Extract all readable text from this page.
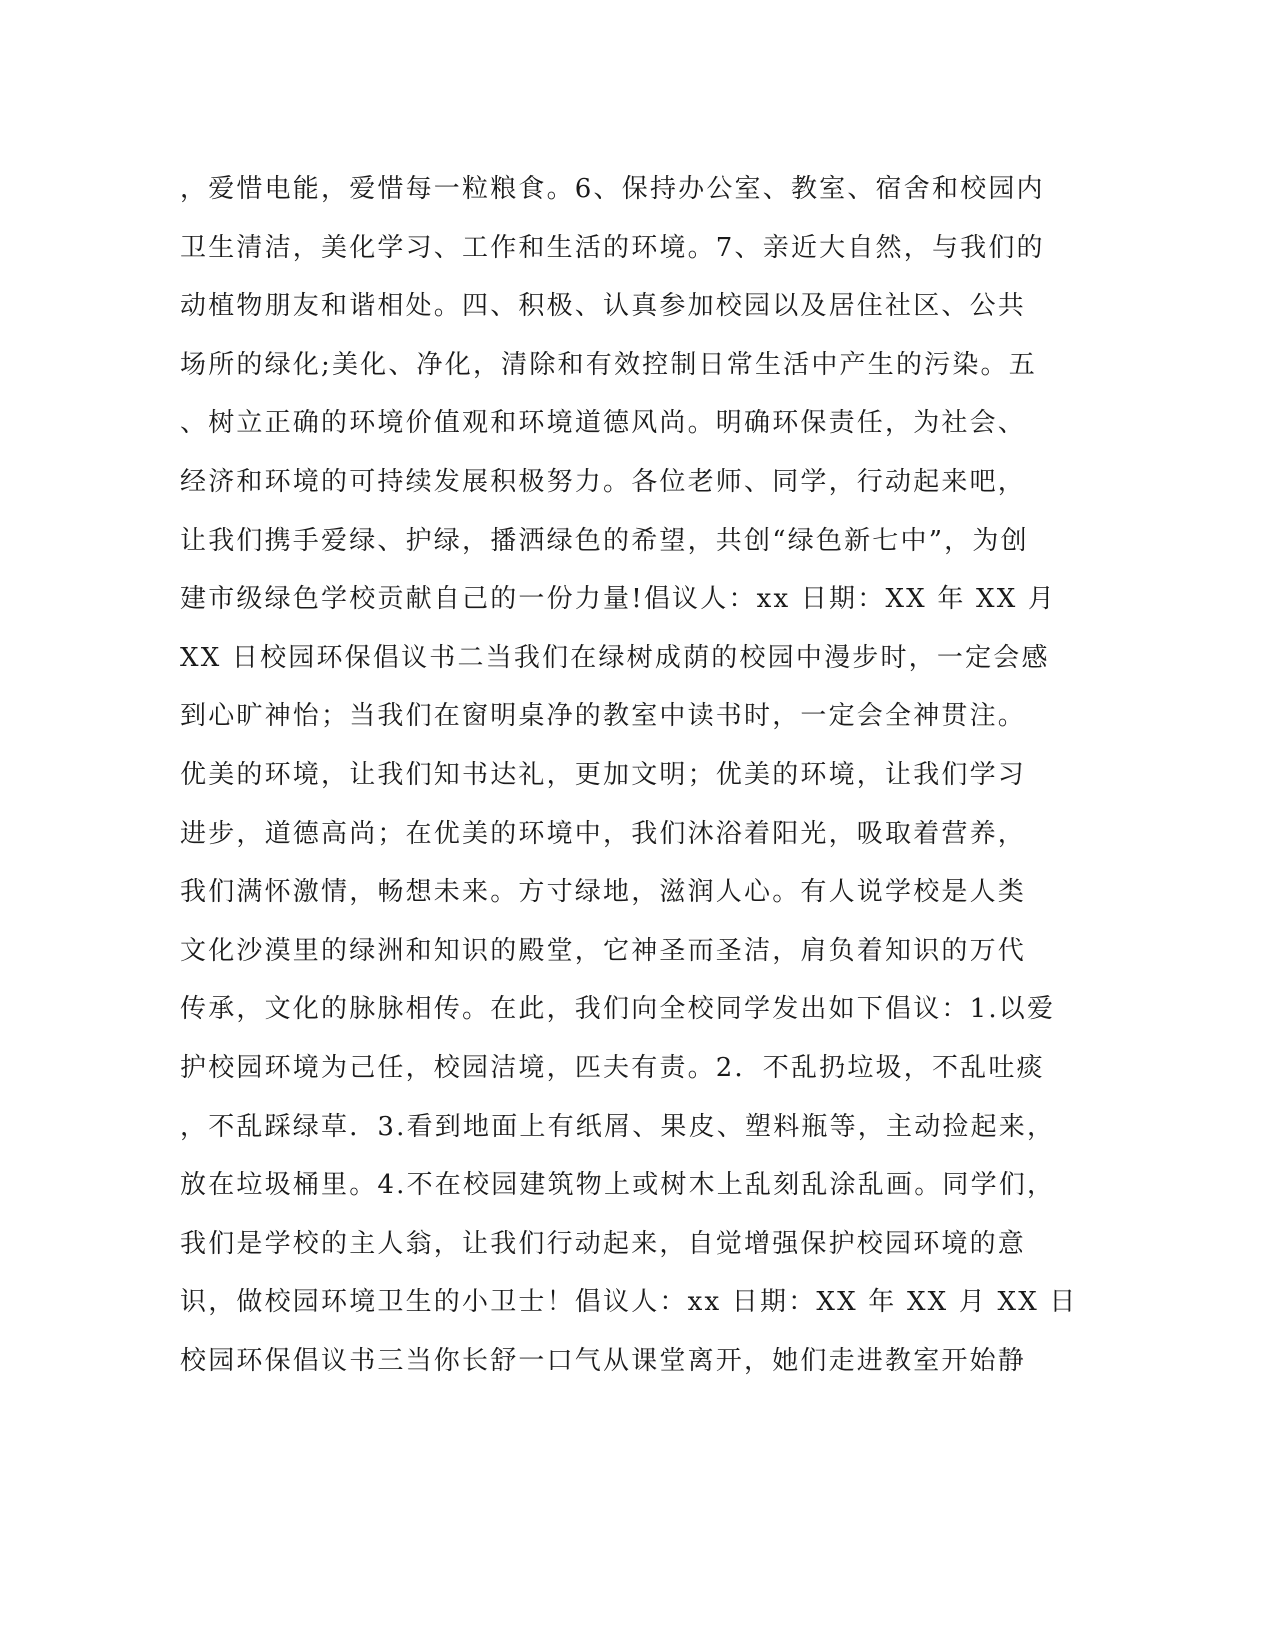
，爱惜电能，爱惜每一粒粮食。6、保持办公室、教室、宿舍和校园内
卫生清洁，美化学习、工作和生活的环境。7、亲近大自然，与我们的
动植物朋友和谐相处。四、积极、认真参加校园以及居住社区、公共
场所的绿化;美化、净化，清除和有效控制日常生活中产生的污染。五
、树立正确的环境价值观和环境道德风尚。明确环保责任，为社会、
经济和环境的可持续发展积极努力。各位老师、同学，行动起来吧，
让我们携手爱绿、护绿，播洒绿色的希望，共创“绿色新七中”，为创
建市级绿色学校贡献自己的一份力量!倡议人：xx 日期：XX 年 XX 月
XX 日校园环保倡议书二当我们在绿树成荫的校园中漫步时，一定会感
到心旷神怡；当我们在窗明桌净的教室中读书时，一定会全神贯注。
优美的环境，让我们知书达礼，更加文明；优美的环境，让我们学习
进步，道德高尚；在优美的环境中，我们沐浴着阳光，吸取着营养，
我们满怀激情，畅想未来。方寸绿地，滋润人心。有人说学校是人类
文化沙漠里的绿洲和知识的殿堂，它神圣而圣洁，肩负着知识的万代
传承，文化的脉脉相传。在此，我们向全校同学发出如下倡议：1.以爱
护校园环境为己任，校园洁境，匹夫有责。2．不乱扔垃圾，不乱吐痰
，不乱踩绿草．3.看到地面上有纸屑、果皮、塑料瓶等，主动捡起来，
放在垃圾桶里。4.不在校园建筑物上或树木上乱刻乱涂乱画。同学们，
我们是学校的主人翁，让我们行动起来，自觉增强保护校园环境的意
识，做校园环境卫生的小卫士！倡议人：xx 日期：XX 年 XX 月 XX 日
校园环保倡议书三当你长舒一口气从课堂离开，她们走进教室开始静
